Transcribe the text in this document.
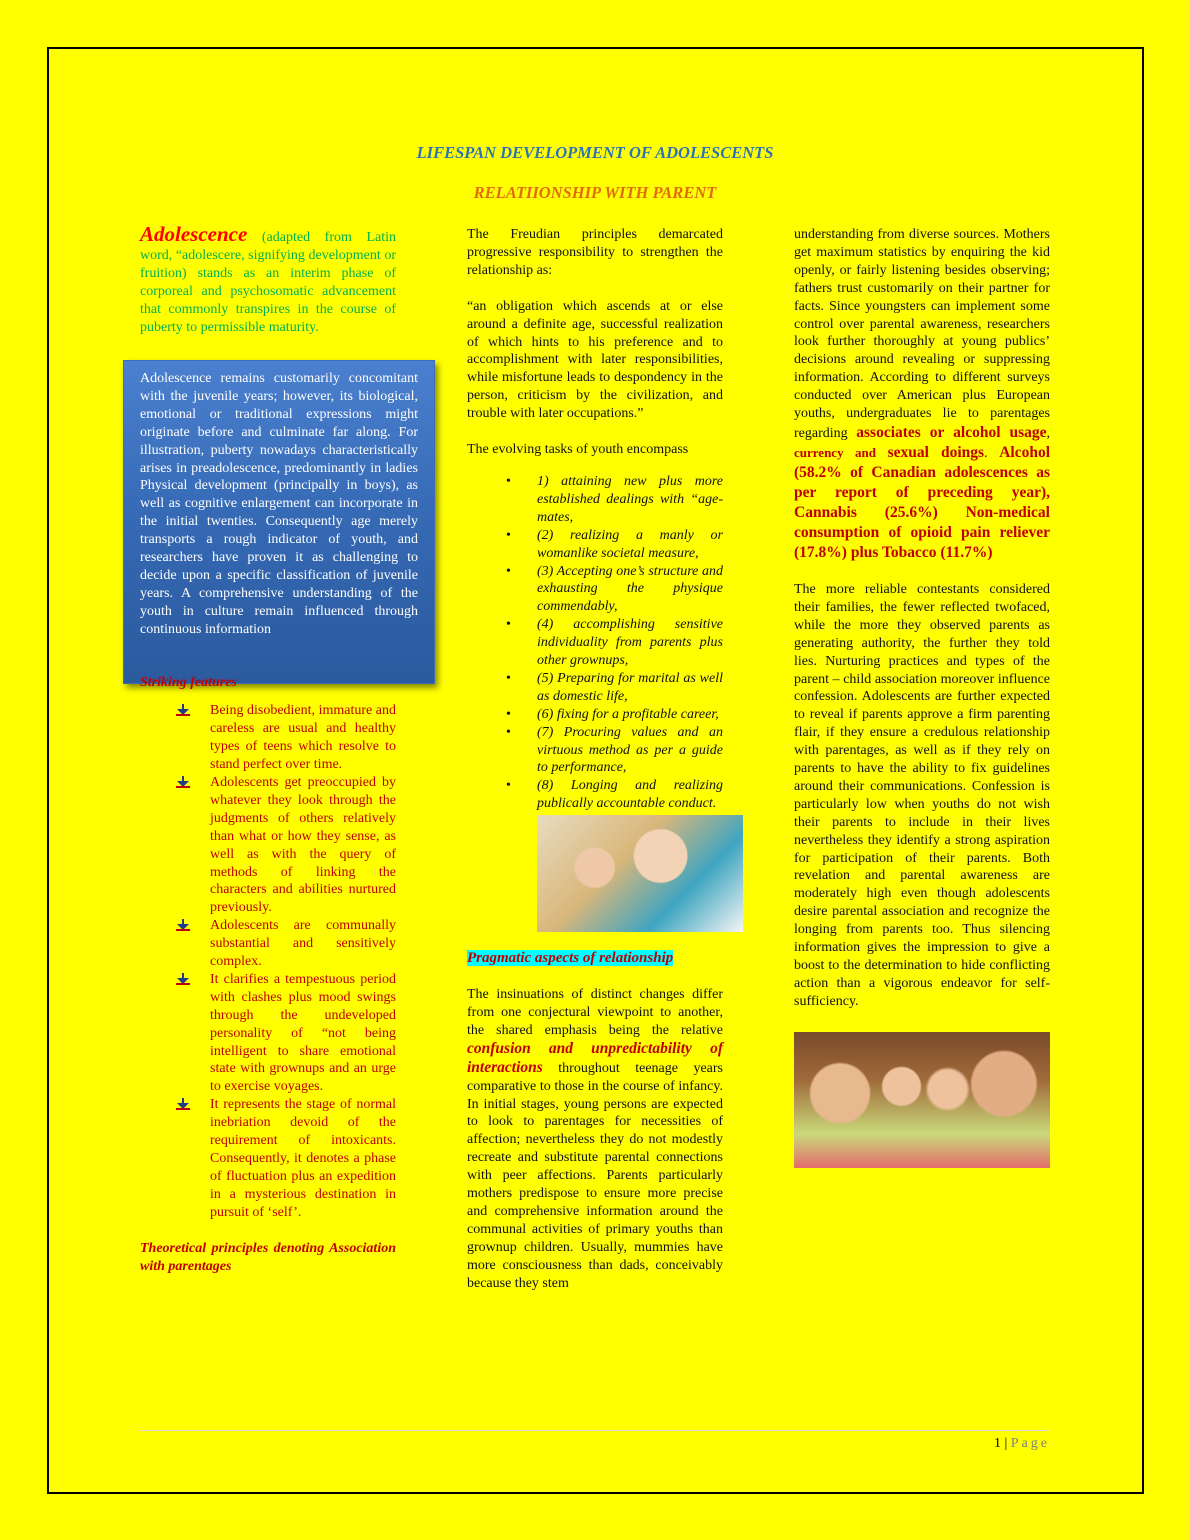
LIFESPAN DEVELOPMENT OF ADOLESCENTS
RELATIIONSHIP WITH PARENT

Adolescence (adapted from Latin word, “adolescere, signifying development or fruition) stands as an interim phase of corporeal and psychosomatic advancement that commonly transpires in the course of puberty to permissible maturity.

Striking features

Being disobedient, immature and careless are usual and healthy types of teens which resolve to stand perfect over time.
Adolescents get preoccupied by whatever they look through the judgments of others relatively than what or how they sense, as well as with the query of methods of linking the characters and abilities nurtured previously.
Adolescents are communally substantial and sensitively complex.
It clarifies a tempestuous period with clashes plus mood swings through the undeveloped personality of “not being intelligent to share emotional state with grownups and an urge to exercise voyages.
It represents the stage of normal inebriation devoid of the requirement of intoxicants. Consequently, it denotes a phase of fluctuation plus an expedition in a mysterious destination in pursuit of ‘self’.

Theoretical principles denoting Association with parentages

Adolescence remains customarily concomitant with the juvenile years; however, its biological, emotional or traditional expressions might originate before and culminate far along. For illustration, puberty nowadays characteristically arises in preadolescence, predominantly in ladies Physical development (principally in boys), as well as cognitive enlargement can incorporate in the initial twenties. Consequently age merely transports a rough indicator of youth, and researchers have proven it as challenging to decide upon a specific classification of juvenile years. A comprehensive understanding of the youth in culture remain influenced through continuous information

The Freudian principles demarcated progressive responsibility to strengthen the relationship as:

“an obligation which ascends at or else around a definite age, successful realization of which hints to his preference and to accomplishment with later responsibilities, while misfortune leads to despondency in the person, criticism by the civilization, and trouble with later occupations.”

The evolving tasks of youth encompass

• 1) attaining new plus more established dealings with “age-mates,
• (2) realizing a manly or womanlike societal measure,
• (3) Accepting one’s structure and exhausting the physique commendably,
• (4) accomplishing sensitive individuality from parents plus other grownups,
• (5) Preparing for marital as well as domestic life,
• (6) fixing for a profitable career,
• (7) Procuring values and an virtuous method as per a guide to performance,
• (8) Longing and realizing publically accountable conduct.

Pragmatic aspects of relationship

The insinuations of distinct changes differ from one conjectural viewpoint to another, the shared emphasis being the relative confusion and unpredictability of interactions throughout teenage years comparative to those in the course of infancy. In initial stages, young persons are expected to look to parentages for necessities of affection; nevertheless they do not modestly recreate and substitute parental connections with peer affections. Parents particularly mothers predispose to ensure more precise and comprehensive information around the communal activities of primary youths than grownup children. Usually, mummies have more consciousness than dads, conceivably because they stem

understanding from diverse sources. Mothers get maximum statistics by enquiring the kid openly, or fairly listening besides observing; fathers trust customarily on their partner for facts. Since youngsters can implement some control over parental awareness, researchers look further thoroughly at young publics’ decisions around revealing or suppressing information. According to different surveys conducted over American plus European youths, undergraduates lie to parentages regarding associates or alcohol usage, currency and sexual doings. Alcohol (58.2% of Canadian adolescences as per report of preceding year), Cannabis (25.6%) Non-medical consumption of opioid pain reliever (17.8%) plus Tobacco (11.7%)

The more reliable contestants considered their families, the fewer reflected twofaced, while the more they observed parents as generating authority, the further they told lies. Nurturing practices and types of the parent – child association moreover influence confession. Adolescents are further expected to reveal if parents approve a firm parenting flair, if they ensure a credulous relationship with parentages, as well as if they rely on parents to have the ability to fix guidelines around their communications. Confession is particularly low when youths do not wish their parents to include in their lives nevertheless they identify a strong aspiration for participation of their parents. Both revelation and parental awareness are moderately high even though adolescents desire parental association and recognize the longing from parents too. Thus silencing information gives the impression to give a boost to the determination to hide conflicting action than a vigorous endeavor for self-sufficiency.

1 | Page
